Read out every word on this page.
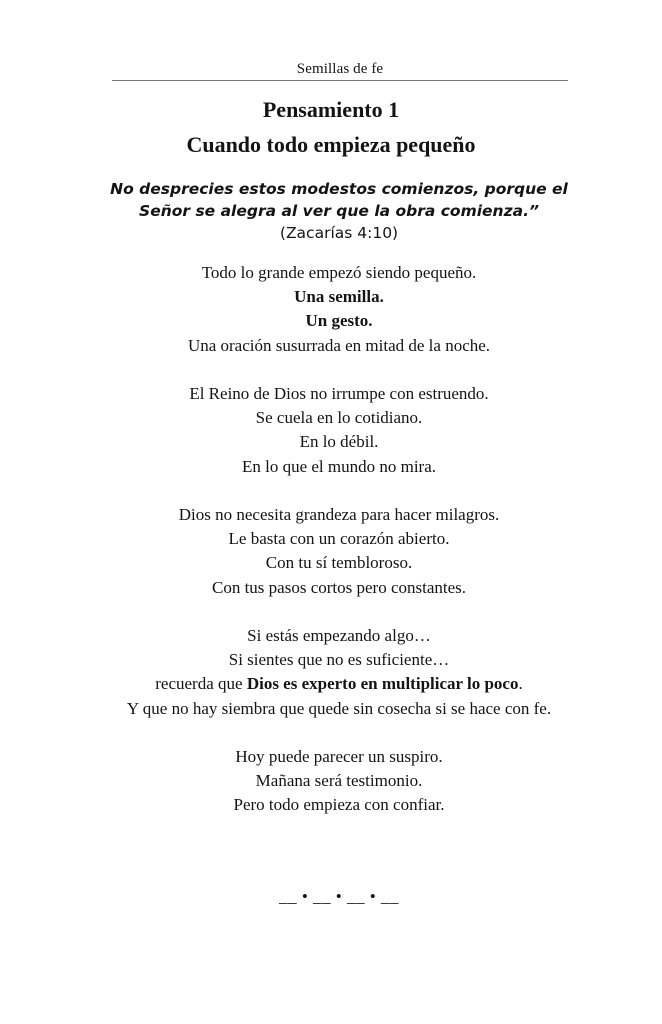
Semillas de fe
Pensamiento 1
Cuando todo empieza pequeño
No desprecies estos modestos comienzos, porque el
Señor se alegra al ver que la obra comienza.”
(Zacarías 4:10)
Todo lo grande empezó siendo pequeño.
Una semilla.
Un gesto.
Una oración susurrada en mitad de la noche.
El Reino de Dios no irrumpe con estruendo.
Se cuela en lo cotidiano.
En lo débil.
En lo que el mundo no mira.
Dios no necesita grandeza para hacer milagros.
Le basta con un corazón abierto.
Con tu sí tembloroso.
Con tus pasos cortos pero constantes.
Si estás empezando algo…
Si sientes que no es suficiente…
recuerda que Dios es experto en multiplicar lo poco.
Y que no hay siembra que quede sin cosecha si se hace con fe.
Hoy puede parecer un suspiro.
Mañana será testimonio.
Pero todo empieza con confiar.
__ • __ • __ • __
